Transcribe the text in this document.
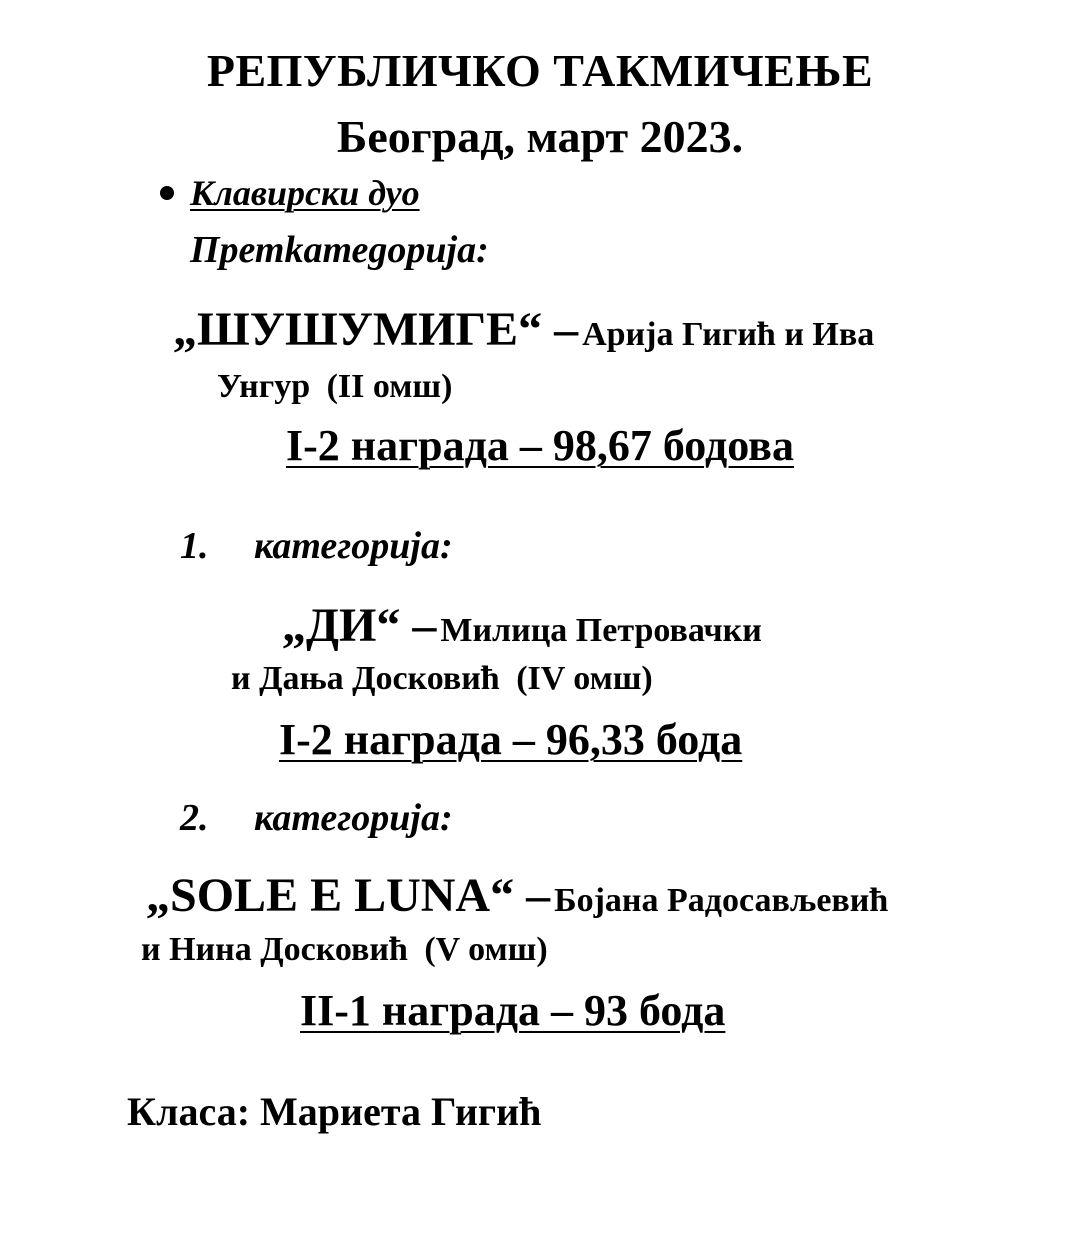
РЕПУБЛИЧКО ТАКМИЧЕЊЕ
Београд, март 2023.
Клавирски дуо
Претkатеgорија:
„ШУШУМИГЕ“ – Арија Гигић и Ива
Унгур (II омш)
I-2 награда – 98,67 бодова
1. категорија:
„ДИ“ – Милица Петровачки
и Дања Досковић (IV омш)
I-2 награда – 96,33 бода
2. категорија:
„SOLE E LUNA“ – Бојана Радосављевић
и Нина Досковић (V омш)
II-1 награда – 93 бода
Класа: Мариета Гигић
